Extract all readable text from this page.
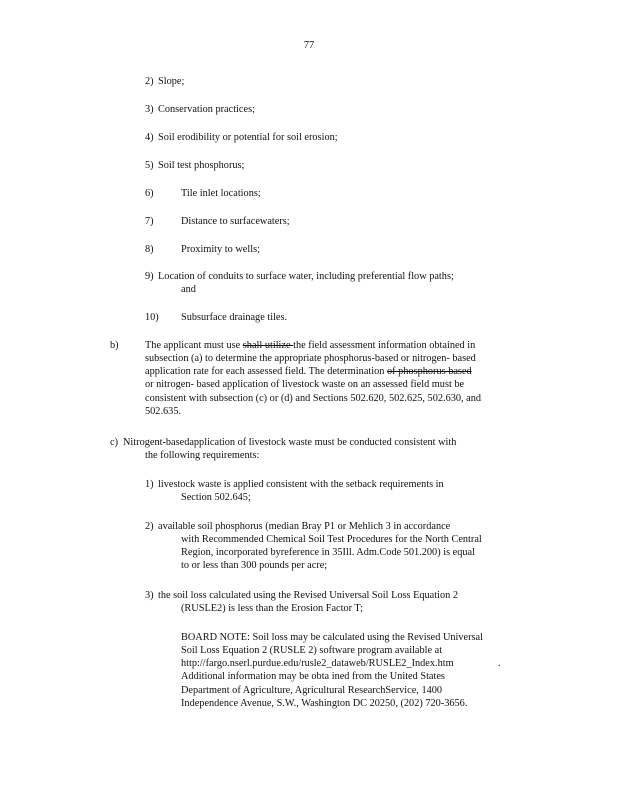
77
2) Slope;
3) Conservation practices;
4) Soil erodibility or potential for soil erosion;
5) Soil test phosphorus;
6)	Tile inlet locations;
7)	Distance to surfacewaters;
8)	Proximity to wells;
9) Location of conduits to surface water, including preferential flow paths;
and
10) Subsurface drainage tiles.
b)	The applicant must use shall utilize the field assessment information obtained in
subsection (a) to determine the appropriate phosphorus-based or nitrogen- based
application rate for each assessed field. The determination of phosphorus based
or nitrogen- based application of livestock waste on an assessed field must be
consistent with subsection (c) or (d) and Sections 502.620, 502.625, 502.630, and
502.635.
c) Nitrogent-basedapplication of livestock waste must be conducted consistent with
the following requirements:
1) livestock waste is applied consistent with the setback requirements in
Section 502.645;
2) available soil phosphorus (median Bray P1 or Mehlich 3 in accordance
with Recommended Chemical Soil Test Procedures for the North Central
Region, incorporated byreference in 35Ill. Adm.Code 501.200) is equal
to or less than 300 pounds per acre;
3) the soil loss calculated using the Revised Universal Soil Loss Equation 2
(RUSLE2) is less than the Erosion Factor T;
BOARD NOTE: Soil loss may be calculated using the Revised Universal
Soil Loss Equation 2 (RUSLE 2) software program available at
http://fargo.nserl.purdue.edu/rusle2_dataweb/RUSLE2_Index.htm	.
Additional information may be obta ined from the United States
Department of Agriculture, Agricultural ResearchService, 1400
Independence Avenue, S.W., Washington DC 20250, (202) 720-3656.
